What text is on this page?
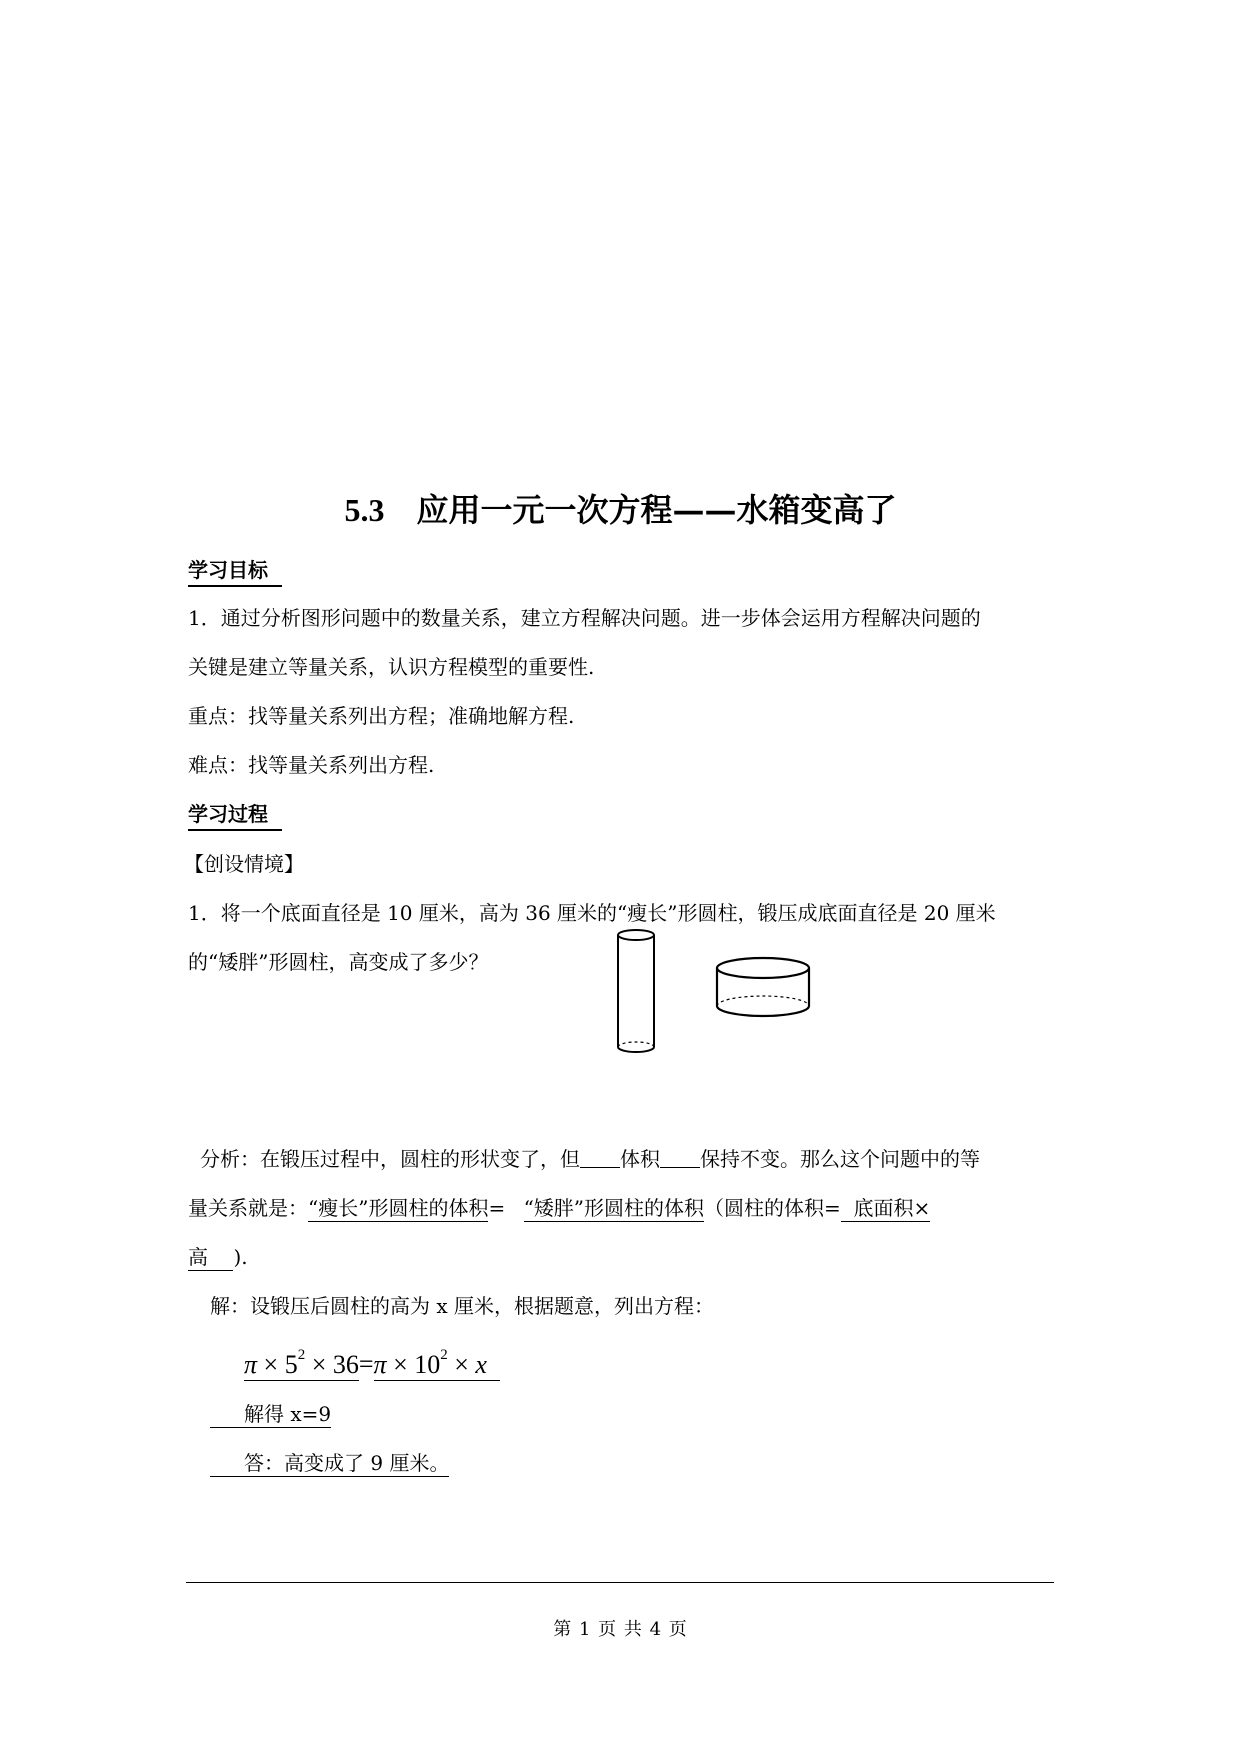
5.3 应用一元一次方程——水箱变高了
学习目标
1．通过分析图形问题中的数量关系，建立方程解决问题。进一步体会运用方程解决问题的
关键是建立等量关系，认识方程模型的重要性.
重点：找等量关系列出方程；准确地解方程.
难点：找等量关系列出方程.
学习过程
【创设情境】
1．将一个底面直径是 10 厘米，高为 36 厘米的“瘦长”形圆柱，锻压成底面直径是 20 厘米
的“矮胖”形圆柱，高变成了多少？
分析：在锻压过程中，圆柱的形状变了，但 体积 保持不变。那么这个问题中的等
量关系就是：“瘦长”形圆柱的体积= “矮胖”形圆柱的体积（圆柱的体积=  底面积×
高    ).
解：设锻压后圆柱的高为 x 厘米，根据题意，列出方程：
$\pi \times 5^2 \times 36=\pi \times 10^2 \times x$
解得 x=9
答：高变成了 9 厘米。
第 1 页 共 4 页
